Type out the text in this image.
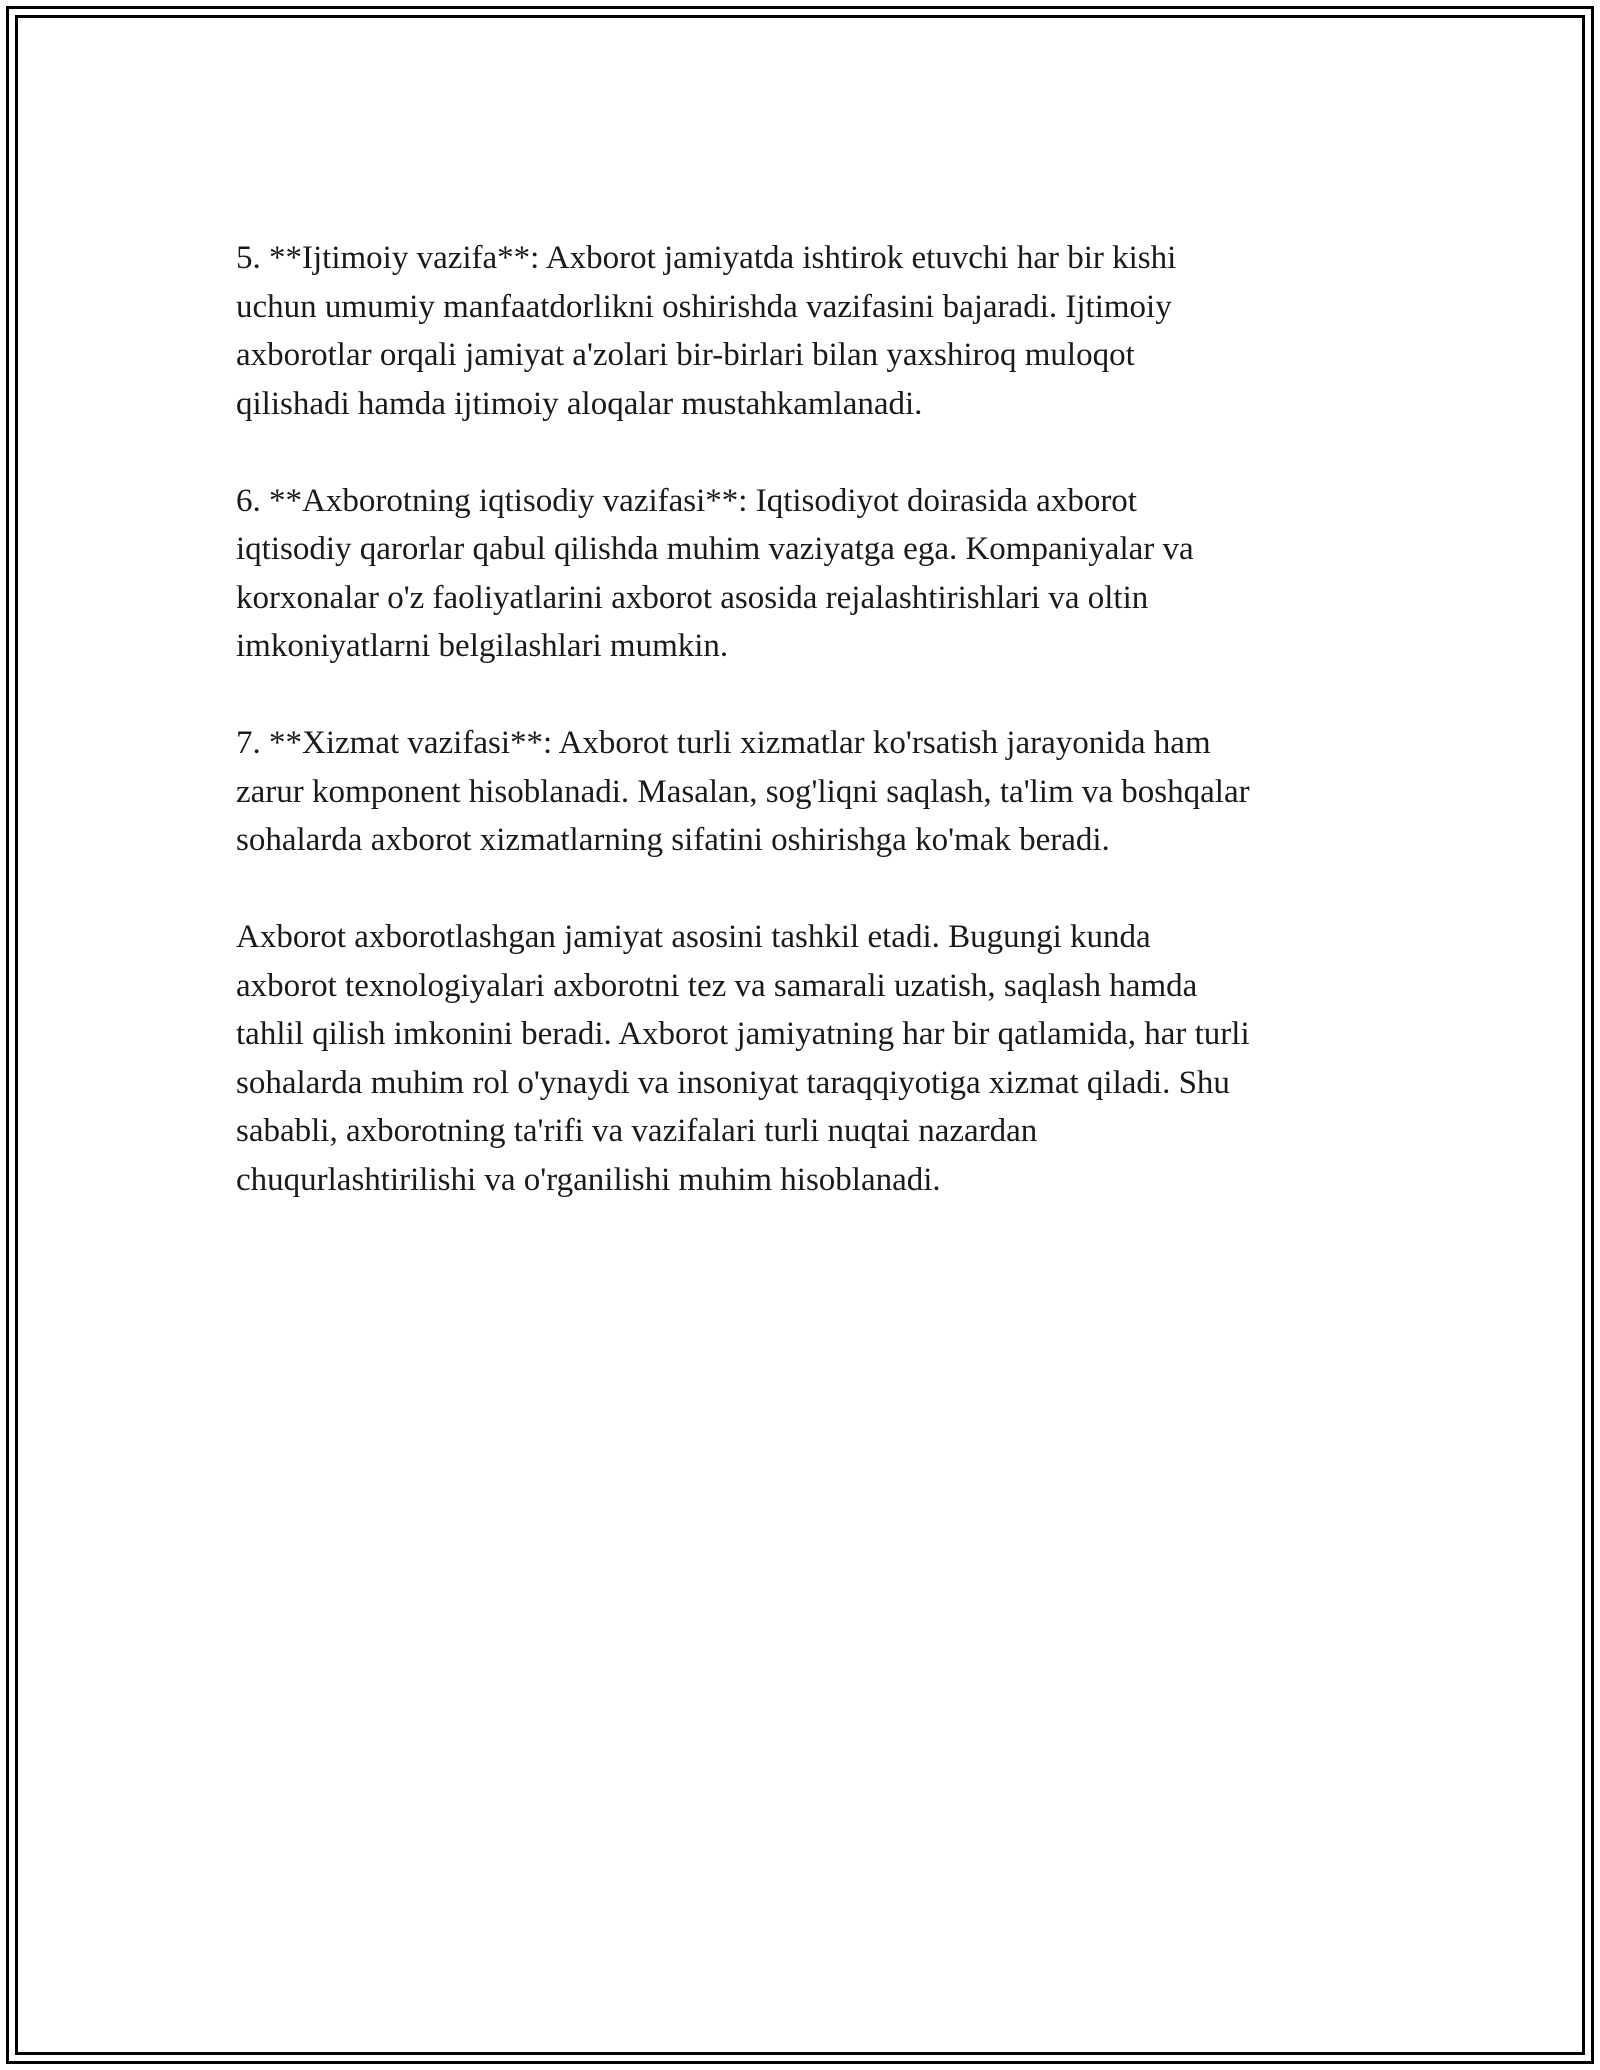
5. **Ijtimoiy vazifa**: Axborot jamiyatda ishtirok etuvchi har bir kishi
uchun umumiy manfaatdorlikni oshirishda vazifasini bajaradi. Ijtimoiy
axborotlar orqali jamiyat a'zolari bir-birlari bilan yaxshiroq muloqot
qilishadi hamda ijtimoiy aloqalar mustahkamlanadi.

6. **Axborotning iqtisodiy vazifasi**: Iqtisodiyot doirasida axborot
iqtisodiy qarorlar qabul qilishda muhim vaziyatga ega. Kompaniyalar va
korxonalar o'z faoliyatlarini axborot asosida rejalashtirishlari va oltin
imkoniyatlarni belgilashlari mumkin.

7. **Xizmat vazifasi**: Axborot turli xizmatlar ko'rsatish jarayonida ham
zarur komponent hisoblanadi. Masalan, sog'liqni saqlash, ta'lim va boshqalar
sohalarda axborot xizmatlarning sifatini oshirishga ko'mak beradi.

Axborot axborotlashgan jamiyat asosini tashkil etadi. Bugungi kunda
axborot texnologiyalari axborotni tez va samarali uzatish, saqlash hamda
tahlil qilish imkonini beradi. Axborot jamiyatning har bir qatlamida, har turli
sohalarda muhim rol o'ynaydi va insoniyat taraqqiyotiga xizmat qiladi. Shu
sababli, axborotning ta'rifi va vazifalari turli nuqtai nazardan
chuqurlashtirilishi va o'rganilishi muhim hisoblanadi.
